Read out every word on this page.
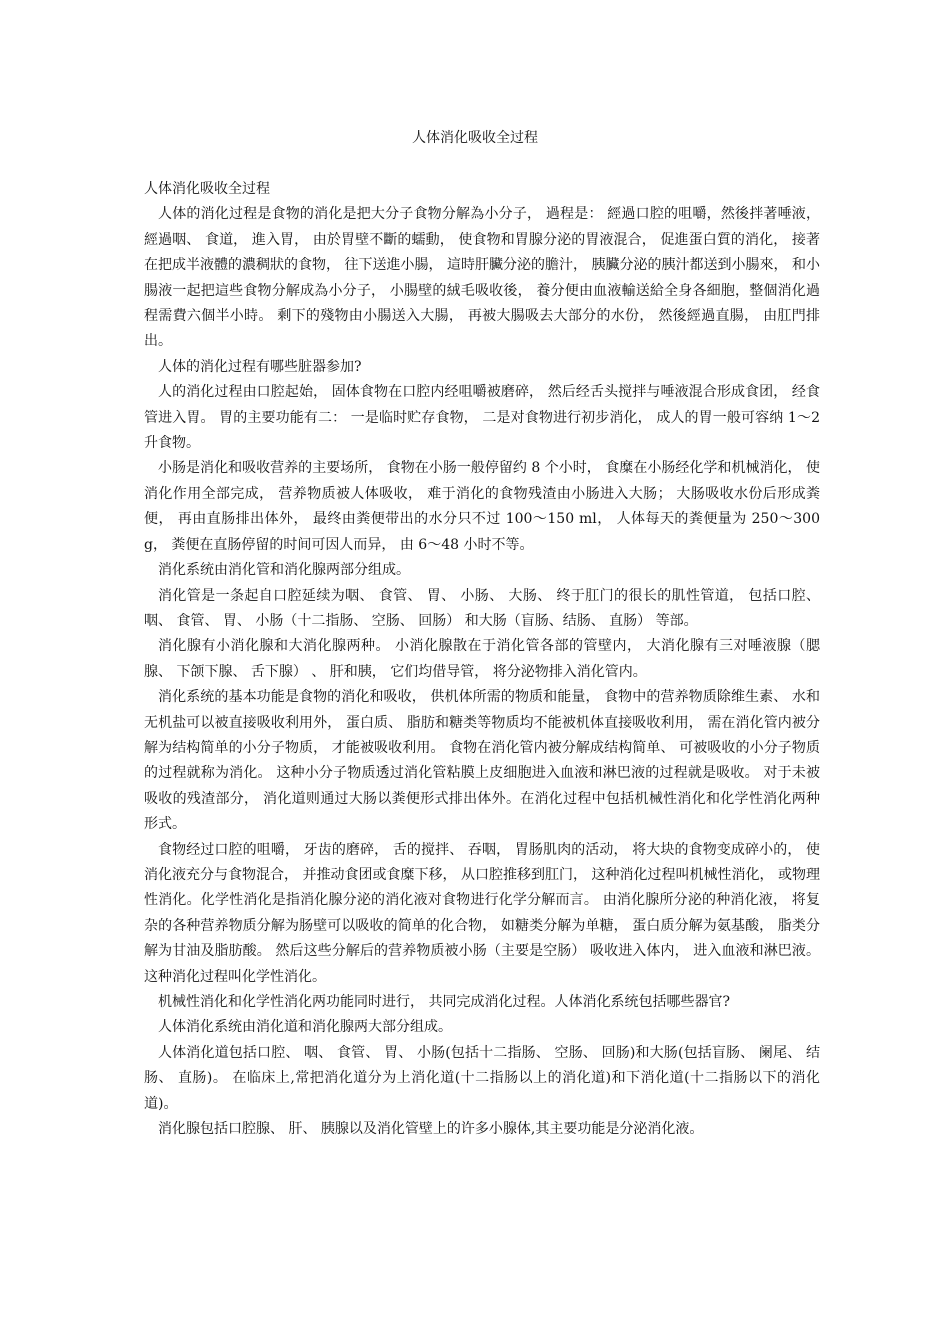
人体消化吸收全过程

人体消化吸收全过程

人体的消化过程是食物的消化是把大分子食物分解為小分子， 過程是： 經過口腔的咀嚼，然後拌著唾液， 經過咽、 食道， 進入胃， 由於胃壁不斷的蠕動， 使食物和胃腺分泌的胃液混合， 促進蛋白質的消化， 接著在把成半液體的濃稠狀的食物， 往下送進小腸， 這時肝臟分泌的膽汁， 胰臟分泌的胰汁都送到小腸來， 和小腸液一起把這些食物分解成為小分子， 小腸壁的絨毛吸收後， 養分便由血液輸送給全身各細胞，整個消化過程需費六個半小時。 剩下的殘物由小腸送入大腸， 再被大腸吸去大部分的水份， 然後經過直腸， 由肛門排出。

人体的消化过程有哪些脏器参加?

人的消化过程由口腔起始， 固体食物在口腔内经咀嚼被磨碎， 然后经舌头搅拌与唾液混合形成食团， 经食管进入胃。 胃的主要功能有二： 一是临时贮存食物， 二是对食物进行初步消化， 成人的胃一般可容纳 1～2 升食物。

小肠是消化和吸收营养的主要场所， 食物在小肠一般停留约 8 个小时， 食糜在小肠经化学和机械消化， 使消化作用全部完成， 营养物质被人体吸收， 难于消化的食物残渣由小肠进入大肠； 大肠吸收水份后形成粪便， 再由直肠排出体外， 最终由粪便带出的水分只不过 100～150 ml， 人体每天的粪便量为 250～300g， 粪便在直肠停留的时间可因人而异， 由 6～48 小时不等。

消化系统由消化管和消化腺两部分组成。

消化管是一条起自口腔延续为咽、 食管、 胃、 小肠、 大肠、 终于肛门的很长的肌性管道， 包括口腔、 咽、 食管、 胃、 小肠（十二指肠、 空肠、 回肠） 和大肠（盲肠、结肠、 直肠） 等部。

消化腺有小消化腺和大消化腺两种。 小消化腺散在于消化管各部的管壁内， 大消化腺有三对唾液腺（腮腺、 下颌下腺、 舌下腺） 、 肝和胰， 它们均借导管， 将分泌物排入消化管内。

消化系统的基本功能是食物的消化和吸收， 供机体所需的物质和能量， 食物中的营养物质除维生素、 水和无机盐可以被直接吸收利用外， 蛋白质、 脂肪和糖类等物质均不能被机体直接吸收利用， 需在消化管内被分解为结构简单的小分子物质， 才能被吸收利用。 食物在消化管内被分解成结构简单、 可被吸收的小分子物质的过程就称为消化。 这种小分子物质透过消化管粘膜上皮细胞进入血液和淋巴液的过程就是吸收。 对于未被吸收的残渣部分， 消化道则通过大肠以粪便形式排出体外。在消化过程中包括机械性消化和化学性消化两种形式。

食物经过口腔的咀嚼， 牙齿的磨碎， 舌的搅拌、 吞咽， 胃肠肌肉的活动， 将大块的食物变成碎小的， 使消化液充分与食物混合， 并推动食团或食糜下移， 从口腔推移到肛门， 这种消化过程叫机械性消化， 或物理性消化。化学性消化是指消化腺分泌的消化液对食物进行化学分解而言。 由消化腺所分泌的种消化液， 将复杂的各种营养物质分解为肠壁可以吸收的简单的化合物， 如糖类分解为单糖， 蛋白质分解为氨基酸， 脂类分解为甘油及脂肪酸。 然后这些分解后的营养物质被小肠（主要是空肠） 吸收进入体内， 进入血液和淋巴液。 这种消化过程叫化学性消化。

机械性消化和化学性消化两功能同时进行， 共同完成消化过程。人体消化系统包括哪些器官?

人体消化系统由消化道和消化腺两大部分组成。

人体消化道包括口腔、 咽、 食管、 胃、 小肠(包括十二指肠、 空肠、 回肠)和大肠(包括盲肠、 阑尾、 结肠、 直肠)。 在临床上,常把消化道分为上消化道(十二指肠以上的消化道)和下消化道(十二指肠以下的消化道)。

消化腺包括口腔腺、 肝、 胰腺以及消化管壁上的许多小腺体,其主要功能是分泌消化液。
